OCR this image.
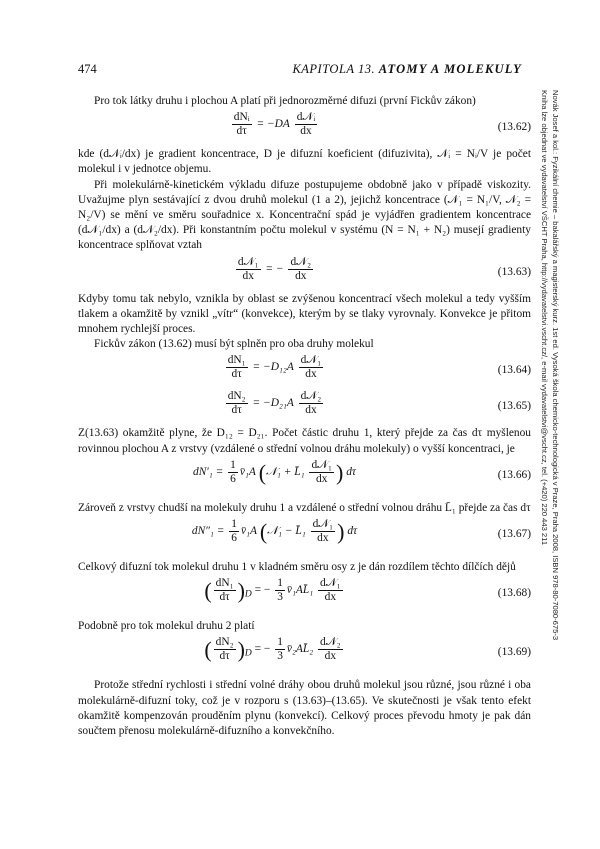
474	KAPITOLA 13. ATOMY A MOLEKULY
Novák Josef a kol.: Fyzikální chemie – bakalářský a magisterský kurz. 1st ed. Vysoká škola chemicko-technologická v Praze, Praha 2008, ISBN 978-80-7080-675-3
Kniha lze objednat ve vydavatelství VŠCHT Praha, http://vydavatelstvi.vscht.cz/, e-mail vydavatelstvi@vscht.cz, tel. (+420) 220 443 211

Pro tok látky druhu i plochou A platí při jednorozměrné difuzi (první Fickův zákon)

$\frac{\text{dNᵢ}}{d\tau} = -DA \frac{\text{d𝒩ᵢ}}{dx}$	(13.62)

kde (d𝒩ᵢ/dx) je gradient koncentrace, D je difuzní koeficient (difuzivita), 𝒩ᵢ = Nᵢ/V je počet molekul i v jednotce objemu.

Při molekulárně-kinetickém výkladu difuze postupujeme obdobně jako v případě viskozity. Uvažujme plyn sestávající z dvou druhů molekul (1 a 2), jejichž koncentrace (𝒩₁ = N₁/V, 𝒩₂ = N₂/V) se mění ve směru souřadnice x. Koncentrační spád je vyjádřen gradientem koncentrace (d𝒩₁/dx) a (d𝒩₂/dx). Při konstantním počtu molekul v systému (N = N₁ + N₂) musejí gradienty koncentrace splňovat vztah

$\frac{\text{d𝒩₁}}{dx}$ = − $\frac{\text{d𝒩₂}}{dx}$	(13.63)

Kdyby tomu tak nebylo, vznikla by oblast se zvýšenou koncentrací všech molekul a tedy vyšším tlakem a okamžitě by vznikl „vítr“ (konvekce), kterým by se tlaky vyrovnaly. Konvekce je přitom mnohem rychlejší proces.

Fickův zákon (13.62) musí být splněn pro oba druhy molekul

$\frac{\text{dN₁}}{d\tau} = -D_{12}A \frac{\text{d𝒩₁}}{dx}$	(13.64)
$\frac{\text{dN₂}}{d\tau} = -D_{21}A \frac{\text{d𝒩₂}}{dx}$	(13.65)

Z(13.63) okamžitě plyne, že D₁₂ = D₂₁. Počet částic druhu 1, který přejde za čas dτ myšlenou rovinnou plochou A z vrstvy (vzdálené o střední volnou dráhu molekuly) o vyšší koncentraci, je

$dN'_1 = \frac{1}{6}$ v̄₁A (𝒩₁ + L̄₁ $\frac{\text{d𝒩₁}}{dx}$ ) dτ	(13.66)

Zároveň z vrstvy chudší na molekuly druhu 1 a vzdálené o střední volnou dráhu L̄₁ přejde za čas dτ

$dN''_1 = \frac{1}{6}$ v̄₁A (𝒩₁ − L̄₁ $\frac{\text{d𝒩₁}}{dx}$ ) dτ	(13.67)

Celkový difuzní tok molekul druhu 1 v kladném směru osy z je dán rozdílem těchto dílčích dějů

( $\frac{\text{dN₁}}{d\tau} )_D$ = − $\frac{1}{3}$ v̄₁AL̄₁ $\frac{\text{d𝒩₁}}{dx}$	(13.68)

Podobně pro tok molekul druhu 2 platí

( $\frac{\text{dN₂}}{d\tau} )_D$ = − $\frac{1}{3}$ v̄₂AL̄₂ $\frac{\text{d𝒩₂}}{dx}$	(13.69)

Protože střední rychlosti i střední volné dráhy obou druhů molekul jsou různé, jsou různé i oba molekulárně-difuzní toky, což je v rozporu s (13.63)–(13.65). Ve skutečnosti je však tento efekt okamžitě kompenzován prouděním plynu (konvekcí). Celkový proces převodu hmoty je pak dán součtem přenosu molekulárně-difuzního a konvekčního.
